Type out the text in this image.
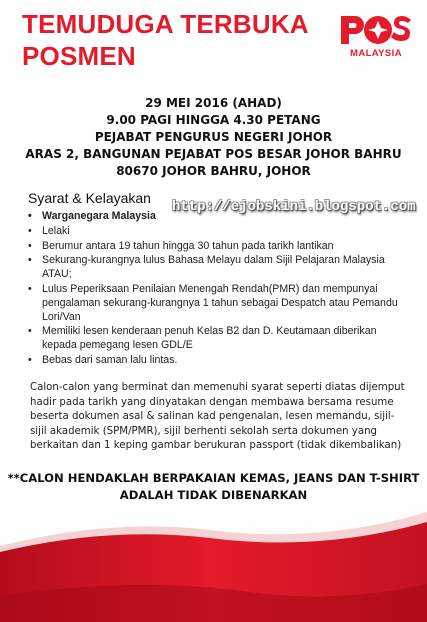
TEMUDUGA TERBUKA
POSMEN
POS
MALAYSIA
29 MEI 2016 (AHAD)
9.00 PAGI HINGGA 4.30 PETANG
PEJABAT PENGURUS NEGERI JOHOR
ARAS 2, BANGUNAN PEJABAT POS BESAR JOHOR BAHRU
80670 JOHOR BAHRU, JOHOR
Syarat & Kelayakan
• Warganegara Malaysia
• Lelaki
• Berumur antara 19 tahun hingga 30 tahun pada tarikh lantikan
• Sekurang-kurangnya lulus Bahasa Melayu dalam Sijil Pelajaran Malaysia ATAU;
• Lulus Peperiksaan Penilaian Menengah Rendah(PMR) dan mempunyai pengalaman sekurang-kurangnya 1 tahun sebagai Despatch atau Pemandu Lori/Van
• Memiliki lesen kenderaan penuh Kelas B2 dan D. Keutamaan diberikan kepada pemegang lesen GDL/E
• Bebas dari saman lalu lintas.
http://ejobskini.blogspot.com
Calon-calon yang berminat dan memenuhi syarat seperti diatas dijemput
hadir pada tarikh yang dinyatakan dengan membawa bersama resume
beserta dokumen asal & salinan kad pengenalan, lesen memandu, sijil-
sijil akademik (SPM/PMR), sijil berhenti sekolah serta dokumen yang
berkaitan dan 1 keping gambar berukuran passport (tidak dikembalikan)
**CALON HENDAKLAH BERPAKAIAN KEMAS, JEANS DAN T-SHIRT
ADALAH TIDAK DIBENARKAN
